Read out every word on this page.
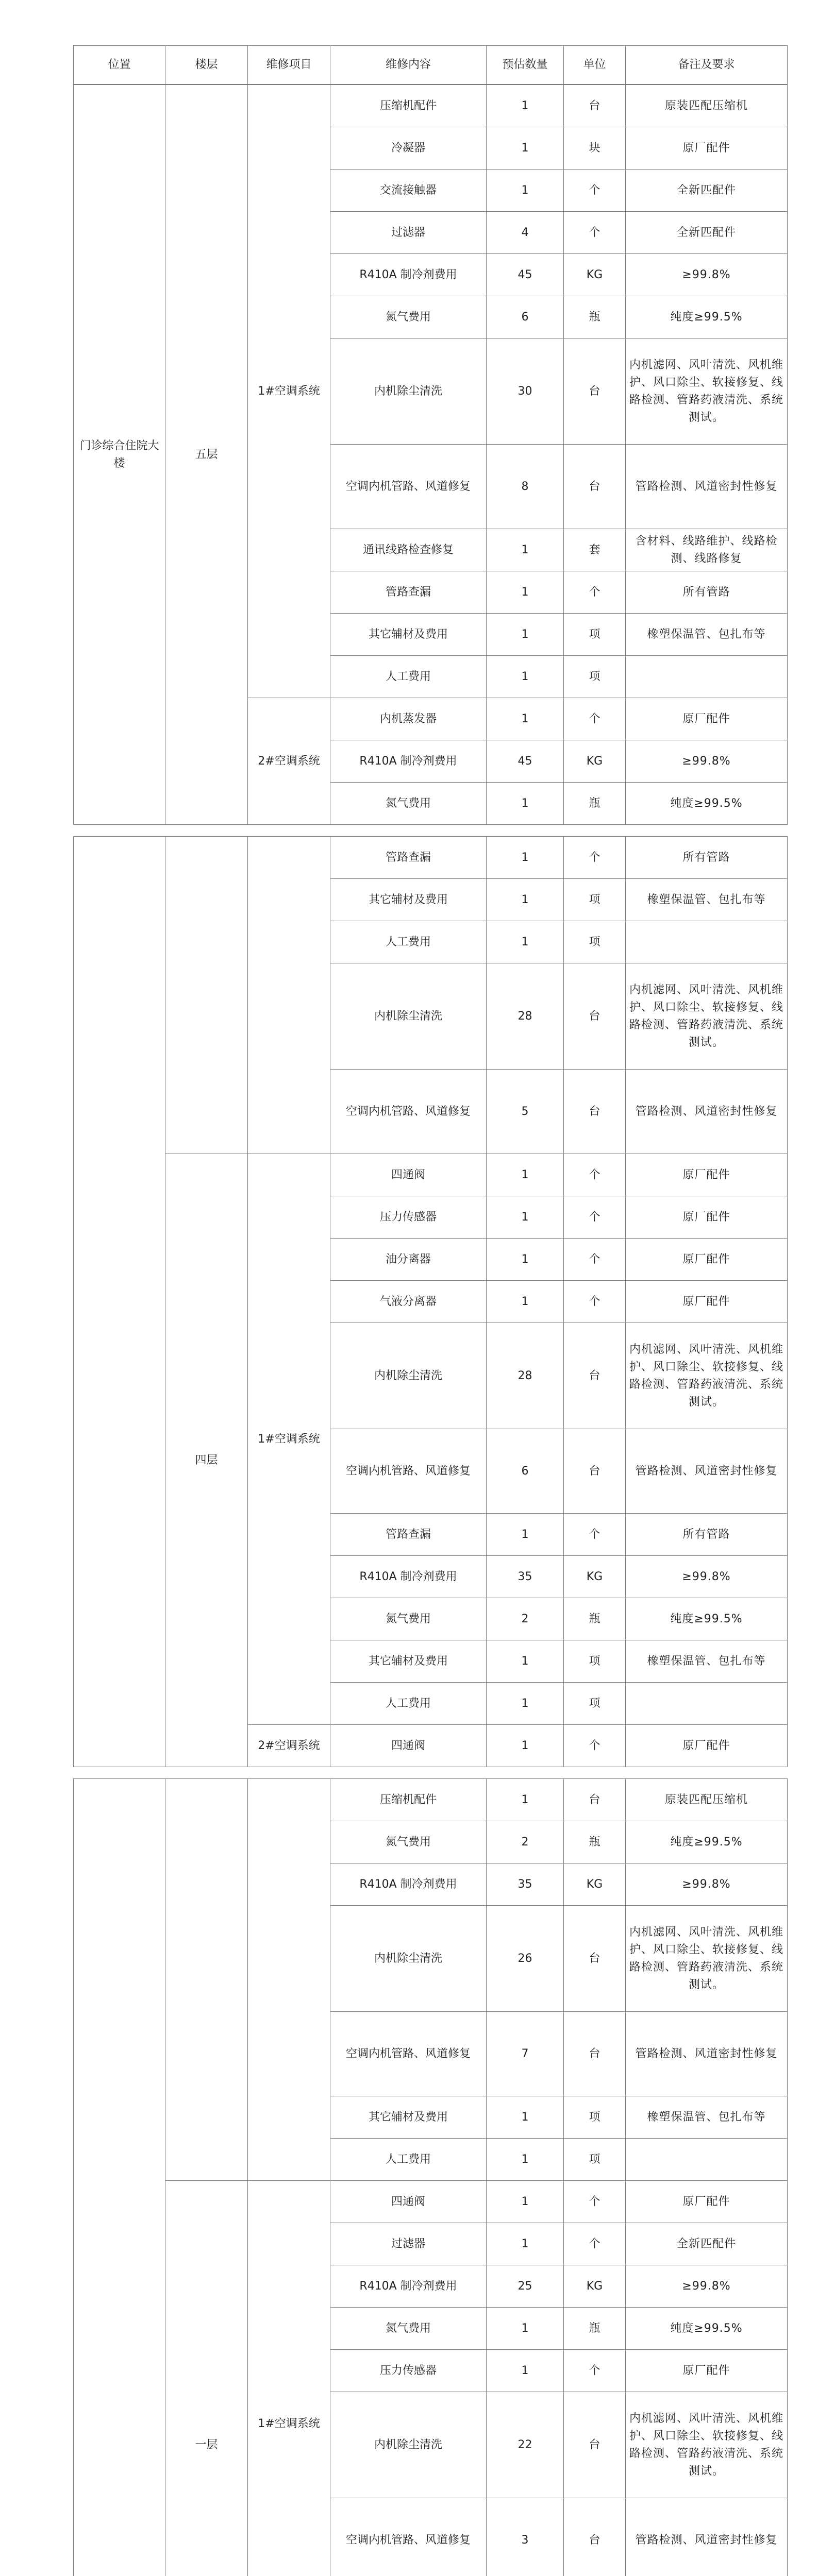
位置	楼层	维修项目	维修内容	预估数量	单位	备注及要求
门诊综合住院大楼	五层	1#空调系统	压缩机配件	1	台	原装匹配压缩机
			冷凝器	1	块	原厂配件
			交流接触器	1	个	全新匹配件
			过滤器	4	个	全新匹配件
			R410A 制冷剂费用	45	KG	≥99.8%
			氮气费用	6	瓶	纯度≥99.5%
			内机除尘清洗	30	台	内机滤网、风叶清洗、风机维护、风口除尘、软接修复、线路检测、管路药液清洗、系统测试。
			空调内机管路、风道修复	8	台	管路检测、风道密封性修复
			通讯线路检查修复	1	套	含材料、线路维护、线路检测、线路修复
			管路查漏	1	个	所有管路
			其它辅材及费用	1	项	橡塑保温管、包扎布等
			人工费用	1	项	
		2#空调系统	内机蒸发器	1	个	原厂配件
			R410A 制冷剂费用	45	KG	≥99.8%
			氮气费用	1	瓶	纯度≥99.5%
			管路查漏	1	个	所有管路
			其它辅材及费用	1	项	橡塑保温管、包扎布等
			人工费用	1	项	
			内机除尘清洗	28	台	内机滤网、风叶清洗、风机维护、风口除尘、软接修复、线路检测、管路药液清洗、系统测试。
			空调内机管路、风道修复	5	台	管路检测、风道密封性修复
	四层	1#空调系统	四通阀	1	个	原厂配件
			压力传感器	1	个	原厂配件
			油分离器	1	个	原厂配件
			气液分离器	1	个	原厂配件
			内机除尘清洗	28	台	内机滤网、风叶清洗、风机维护、风口除尘、软接修复、线路检测、管路药液清洗、系统测试。
			空调内机管路、风道修复	6	台	管路检测、风道密封性修复
			管路查漏	1	个	所有管路
			R410A 制冷剂费用	35	KG	≥99.8%
			氮气费用	2	瓶	纯度≥99.5%
			其它辅材及费用	1	项	橡塑保温管、包扎布等
			人工费用	1	项	
		2#空调系统	四通阀	1	个	原厂配件
			压缩机配件	1	台	原装匹配压缩机
			氮气费用	2	瓶	纯度≥99.5%
			R410A 制冷剂费用	35	KG	≥99.8%
			内机除尘清洗	26	台	内机滤网、风叶清洗、风机维护、风口除尘、软接修复、线路检测、管路药液清洗、系统测试。
			空调内机管路、风道修复	7	台	管路检测、风道密封性修复
			其它辅材及费用	1	项	橡塑保温管、包扎布等
			人工费用	1	项	
	一层	1#空调系统	四通阀	1	个	原厂配件
			过滤器	1	个	全新匹配件
			R410A 制冷剂费用	25	KG	≥99.8%
			氮气费用	1	瓶	纯度≥99.5%
			压力传感器	1	个	原厂配件
			内机除尘清洗	22	台	内机滤网、风叶清洗、风机维护、风口除尘、软接修复、线路检测、管路药液清洗、系统测试。
			空调内机管路、风道修复	3	台	管路检测、风道密封性修复
